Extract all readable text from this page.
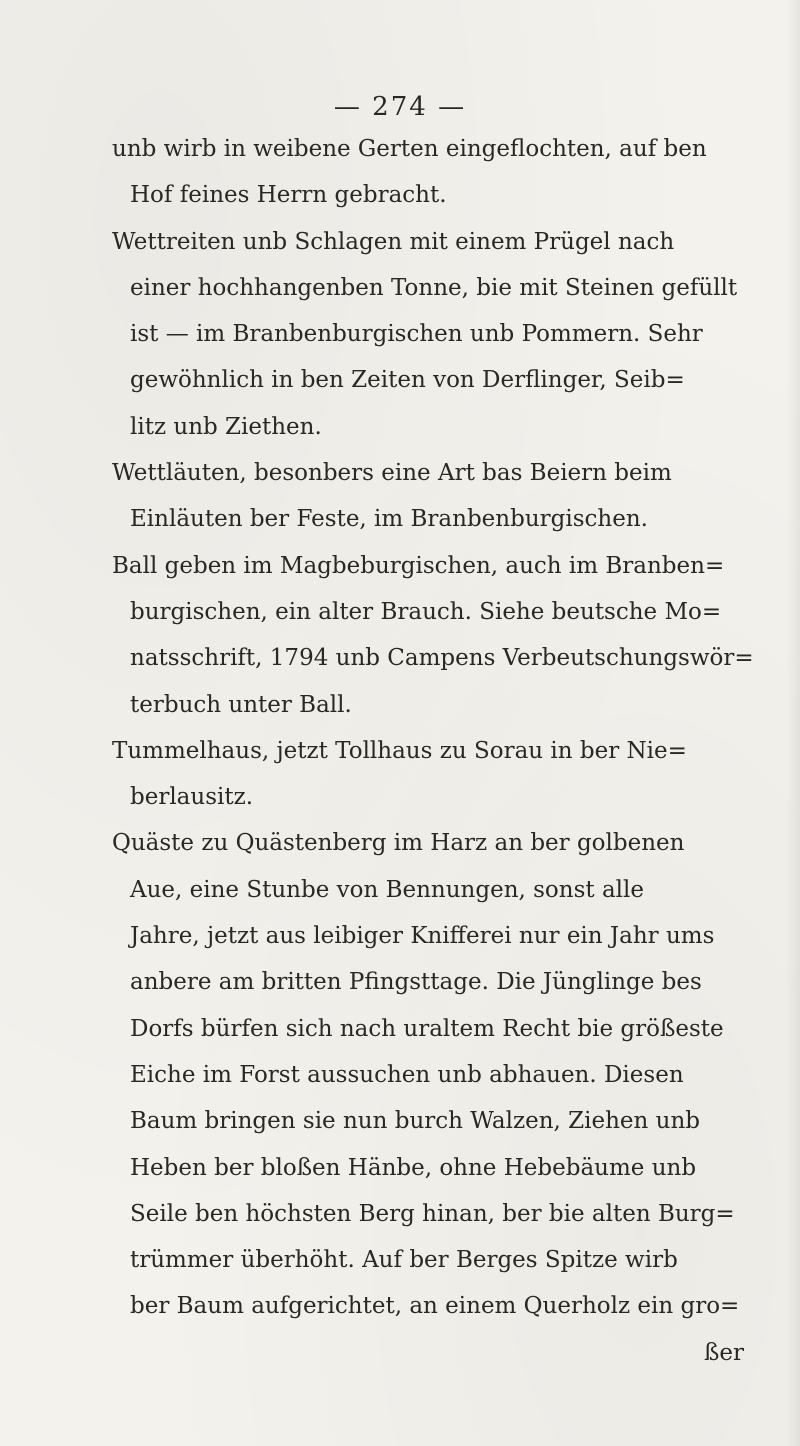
— 274 —
unb wirb in weibene Gerten eingeflochten, auf ben
Hof feines Herrn gebracht.
Wettreiten unb Schlagen mit einem Prügel nach
einer hochhangenben Tonne, bie mit Steinen gefüllt
ist — im Branbenburgischen unb Pommern. Sehr
gewöhnlich in ben Zeiten von Derflinger, Seib=
litz unb Ziethen.
Wettläuten, besonbers eine Art bas Beiern beim
Einläuten ber Feste, im Branbenburgischen.
Ball geben im Magbeburgischen, auch im Branben=
burgischen, ein alter Brauch. Siehe beutsche Mo=
natsschrift, 1794 unb Campens Verbeutschungswör=
terbuch unter Ball.
Tummelhaus, jetzt Tollhaus zu Sorau in ber Nie=
berlausitz.
Quäste zu Quästenberg im Harz an ber golbenen
Aue, eine Stunbe von Bennungen, sonst alle
Jahre, jetzt aus leibiger Knifferei nur ein Jahr ums
anbere am britten Pfingsttage. Die Jünglinge bes
Dorfs bürfen sich nach uraltem Recht bie größeste
Eiche im Forst aussuchen unb abhauen. Diesen
Baum bringen sie nun burch Walzen, Ziehen unb
Heben ber bloßen Hänbe, ohne Hebebäume unb
Seile ben höchsten Berg hinan, ber bie alten Burg=
trümmer überhöht. Auf ber Berges Spitze wirb
ber Baum aufgerichtet, an einem Querholz ein gro=
ßer
